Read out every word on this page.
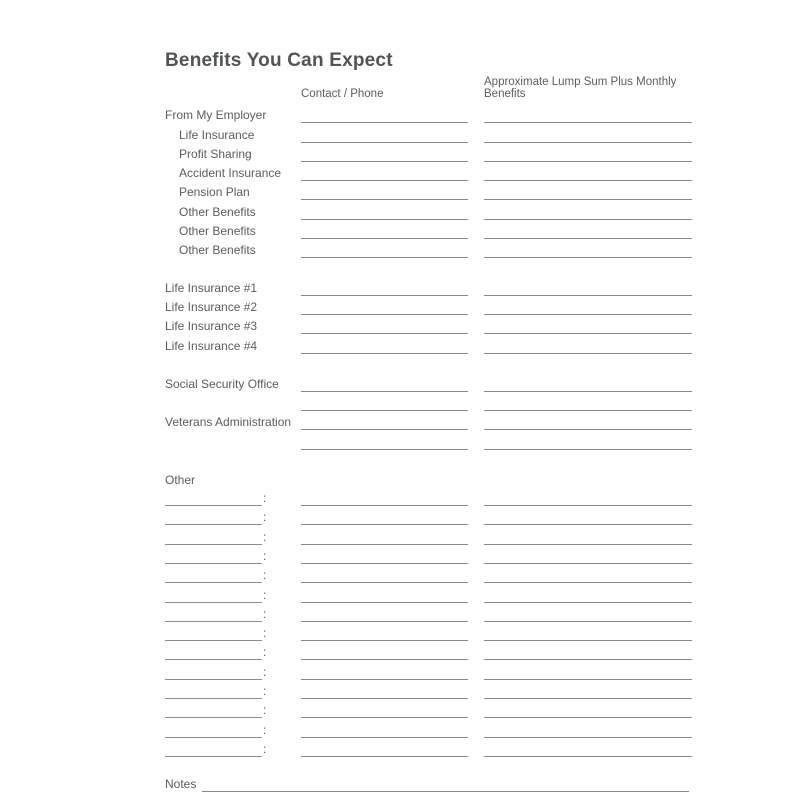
Benefits You Can Expect
Contact / Phone
Approximate Lump Sum Plus Monthly Benefits
From My Employer
Life Insurance
Profit Sharing
Accident Insurance
Pension Plan
Other Benefits
Other Benefits
Other Benefits
Life Insurance #1
Life Insurance #2
Life Insurance #3
Life Insurance #4
Social Security Office
Veterans Administration
Other
:
:
:
:
:
:
:
:
:
:
:
:
:
:
Notes
